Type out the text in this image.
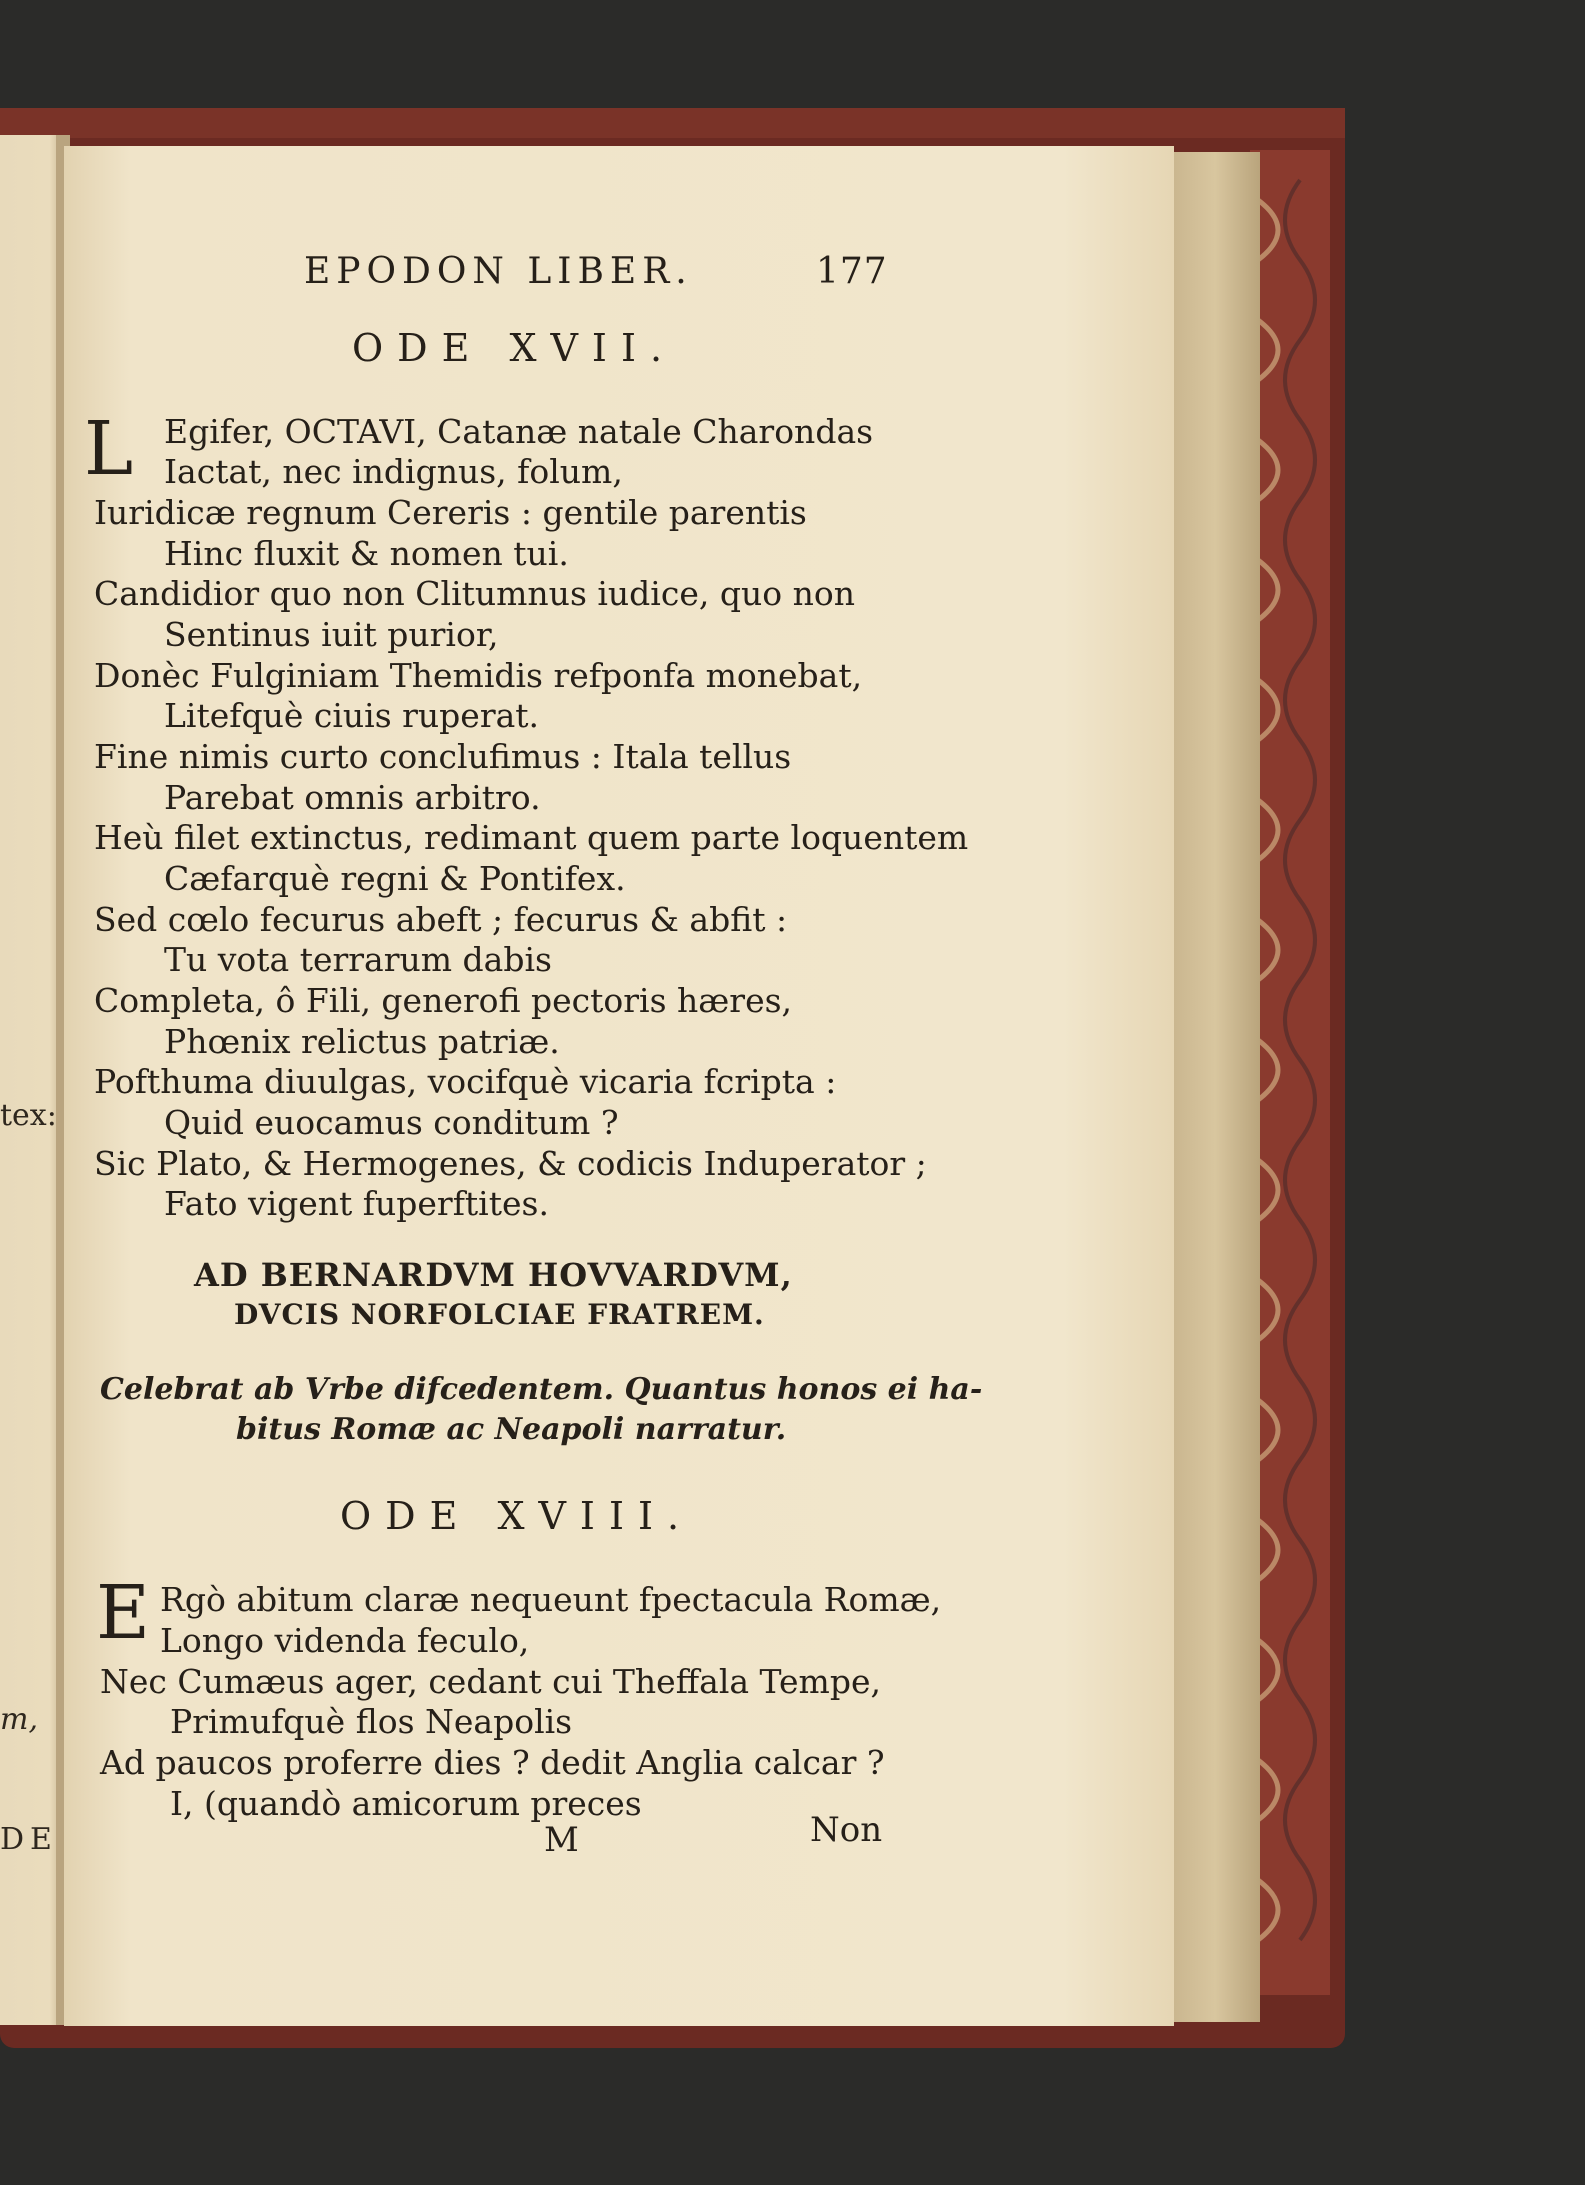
tex:
m,
DE
EPODON LIBER.	177
ODE XVII.
L Egifer, OCTAVI, Catanæ natale Charondas
Iactat, nec indignus, folum,
Iuridicæ regnum Cereris : gentile parentis
Hinc fluxit & nomen tui.
Candidior quo non Clitumnus iudice, quo non
Sentinus iuit purior,
Donèc Fulginiam Themidis refponfa monebat,
Litefquè ciuis ruperat.
Fine nimis curto conclufimus : Itala tellus
Parebat omnis arbitro.
Heù filet extinctus, redimant quem parte loquentem
Cæfarquè regni & Pontifex.
Sed cœlo fecurus abeft ; fecurus & abfit :
Tu vota terrarum dabis
Completa, ô Fili, generofi pectoris hæres,
Phœnix relictus patriæ.
Pofthuma diuulgas, vocifquè vicaria fcripta :
Quid euocamus conditum ?
Sic Plato, & Hermogenes, & codicis Induperator ;
Fato vigent fuperftites.
AD BERNARDVM HOVVARDVM,
DVCIS NORFOLCIAE FRATREM.
Celebrat ab Vrbe difcedentem. Quantus honos ei ha-
bitus Romæ ac Neapoli narratur.
ODE XVIII.
E Rgò abitum claræ nequeunt fpectacula Romæ,
Longo videnda feculo,
Nec Cumæus ager, cedant cui Theffala Tempe,
Primufquè flos Neapolis
Ad paucos proferre dies ? dedit Anglia calcar ?
I, (quandò amicorum preces
M	Non
